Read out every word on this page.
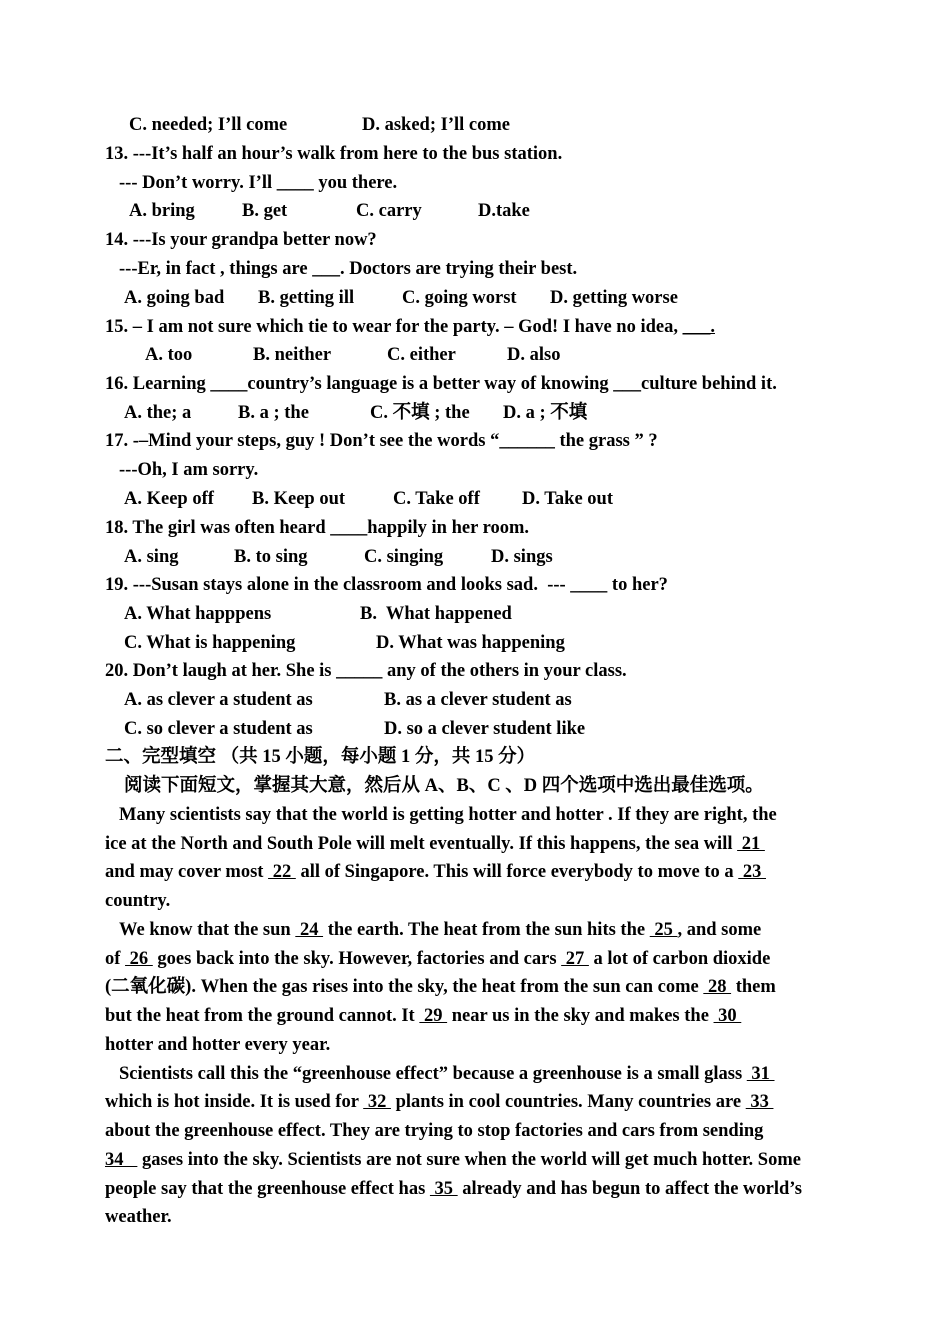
C. needed; I’ll come	D. asked; I’ll come
13. ---It’s half an hour’s walk from here to the bus station.
--- Don’t worry. I’ll ____ you there.
A. bring	B. get	C. carry	D.take
14. ---Is your grandpa better now?
---Er, in fact , things are ___. Doctors are trying their best.
A. going bad B. getting ill	C. going worst D. getting worse
15. – I am not sure which tie to wear for the party. – God! I have no idea, ___.
A. too	B. neither	C. either	D. also
16. Learning ____country’s language is a better way of knowing ___culture behind it.
A. the; a	B. a ; the	C. 不填 ; the D. a ; 不填
17. -–Mind your steps, guy ! Don’t see the words “______ the grass ” ?
---Oh, I am sorry.
A. Keep off B. Keep out	C. Take off D. Take out
18. The girl was often heard ____happily in her room.
A. sing	B. to sing	C. singing	D. sings
19. ---Susan stays alone in the classroom and looks sad.  --- ____ to her?
A. What happpens	B.  What happened
C. What is happening	D. What was happening
20. Don’t laugh at her. She is _____ any of the others in your class.
A. as clever a student as	B. as a clever student as
C. so clever a student as	D. so a clever student like
二、完型填空 （共 15 小题，每小题 1 分，共 15 分）
阅读下面短文，掌握其大意，然后从 A、B、C 、D 四个选项中选出最佳选项。
Many scientists say that the world is getting hotter and hotter . If they are right, the
ice at the North and South Pole will melt eventually. If this happens, the sea will  21
and may cover most  22  all of Singapore. This will force everybody to move to a  23
country.
We know that the sun  24  the earth. The heat from the sun hits the  25 , and some
of  26  goes back into the sky. However, factories and cars  27  a lot of carbon dioxide
(二氧化碳). When the gas rises into the sky, the heat from the sun can come  28  them
but the heat from the ground cannot. It  29  near us in the sky and makes the  30
hotter and hotter every year.
Scientists call this the “greenhouse effect” because a greenhouse is a small glass  31
which is hot inside. It is used for  32  plants in cool countries. Many countries are  33
about the greenhouse effect. They are trying to stop factories and cars from sending
34    gases into the sky. Scientists are not sure when the world will get much hotter. Some
people say that the greenhouse effect has  35  already and has begun to affect the world’s
weather.
